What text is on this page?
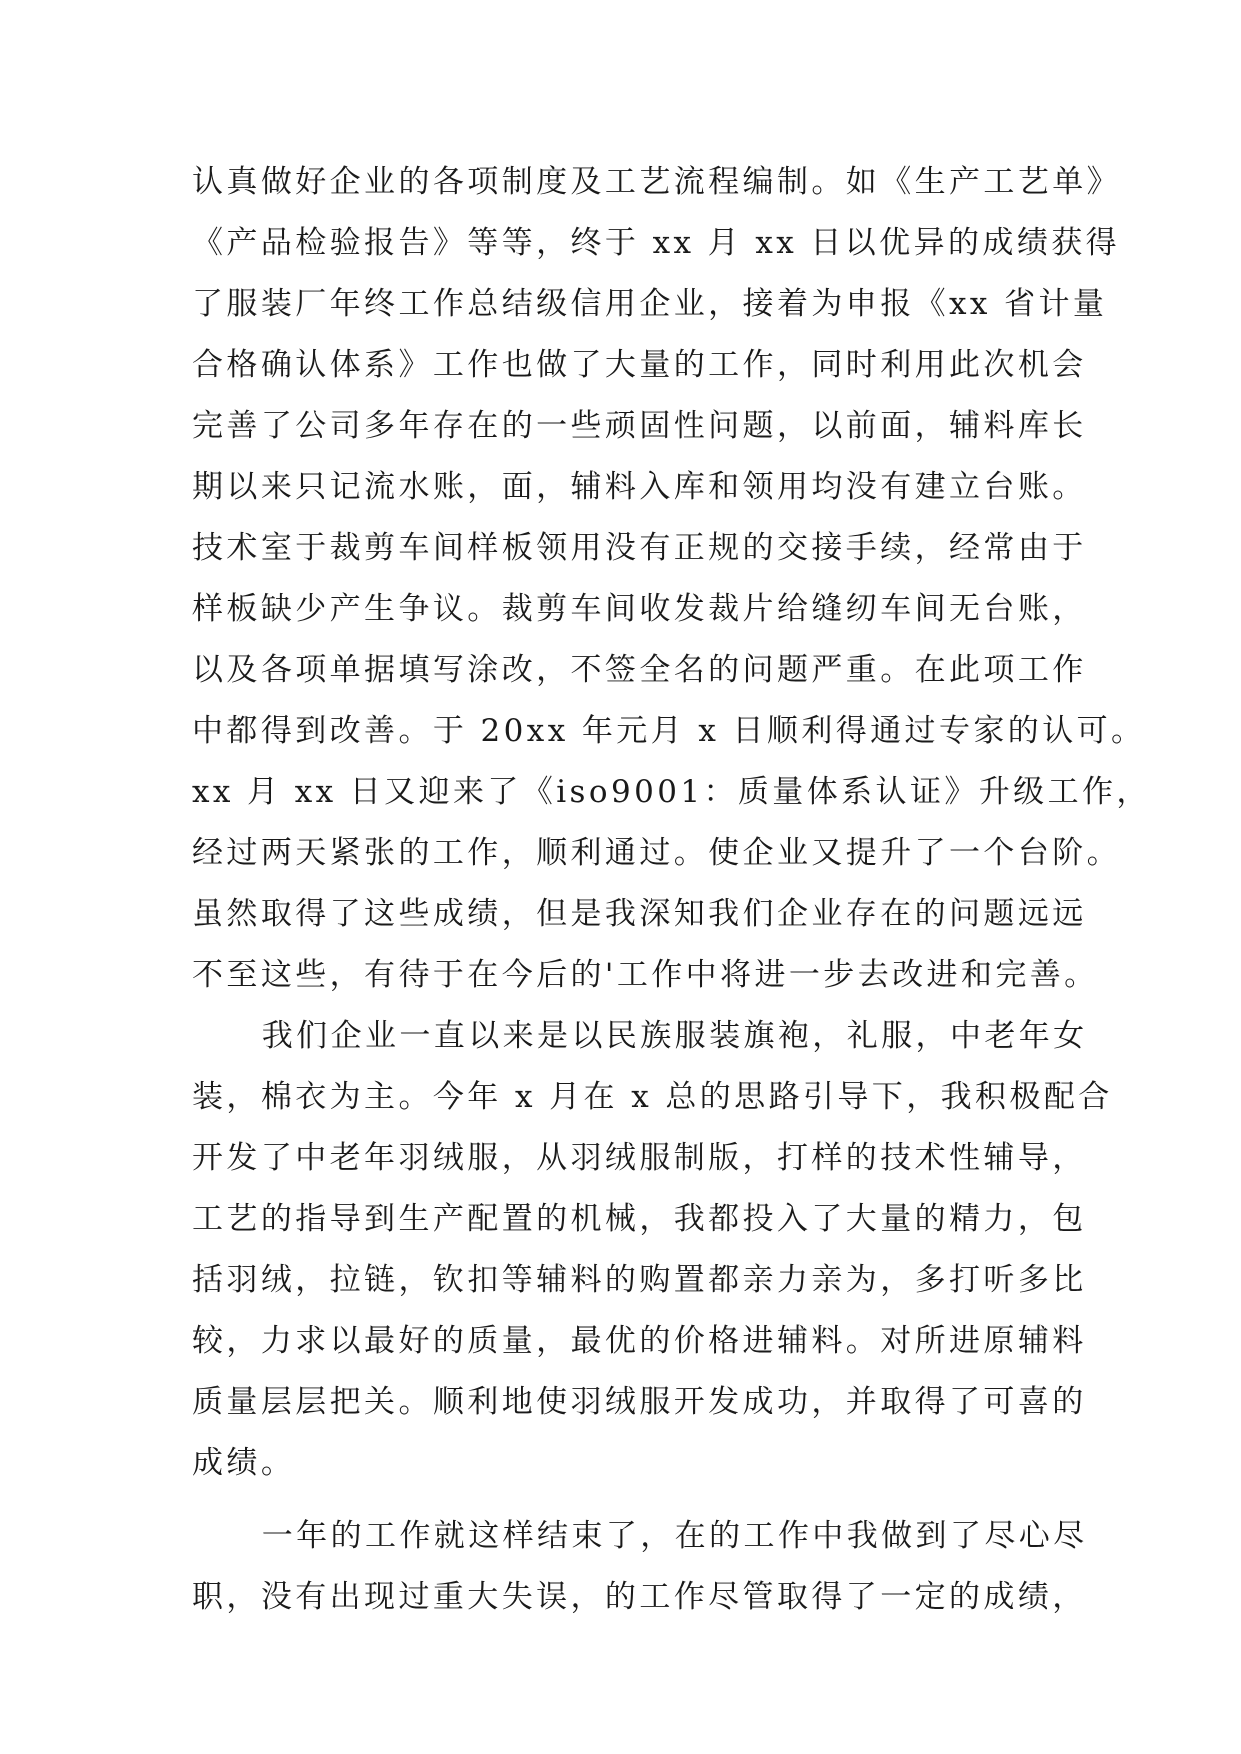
认真做好企业的各项制度及工艺流程编制。如《生产工艺单》
《产品检验报告》等等，终于 xx 月 xx 日以优异的成绩获得
了服装厂年终工作总结级信用企业，接着为申报《xx 省计量
合格确认体系》工作也做了大量的工作，同时利用此次机会
完善了公司多年存在的一些顽固性问题，以前面，辅料库长
期以来只记流水账，面，辅料入库和领用均没有建立台账。
技术室于裁剪车间样板领用没有正规的交接手续，经常由于
样板缺少产生争议。裁剪车间收发裁片给缝纫车间无台账，
以及各项单据填写涂改，不签全名的问题严重。在此项工作
中都得到改善。于 20xx 年元月 x 日顺利得通过专家的认可。
xx 月 xx 日又迎来了《iso9001：质量体系认证》升级工作，
经过两天紧张的工作，顺利通过。使企业又提升了一个台阶。
虽然取得了这些成绩，但是我深知我们企业存在的问题远远
不至这些，有待于在今后的'工作中将进一步去改进和完善。
我们企业一直以来是以民族服装旗袍，礼服，中老年女
装，棉衣为主。今年 x 月在 x 总的思路引导下，我积极配合
开发了中老年羽绒服，从羽绒服制版，打样的技术性辅导，
工艺的指导到生产配置的机械，我都投入了大量的精力，包
括羽绒，拉链，钦扣等辅料的购置都亲力亲为，多打听多比
较，力求以最好的质量，最优的价格进辅料。对所进原辅料
质量层层把关。顺利地使羽绒服开发成功，并取得了可喜的
成绩。
一年的工作就这样结束了，在的工作中我做到了尽心尽
职，没有出现过重大失误，的工作尽管取得了一定的成绩，
